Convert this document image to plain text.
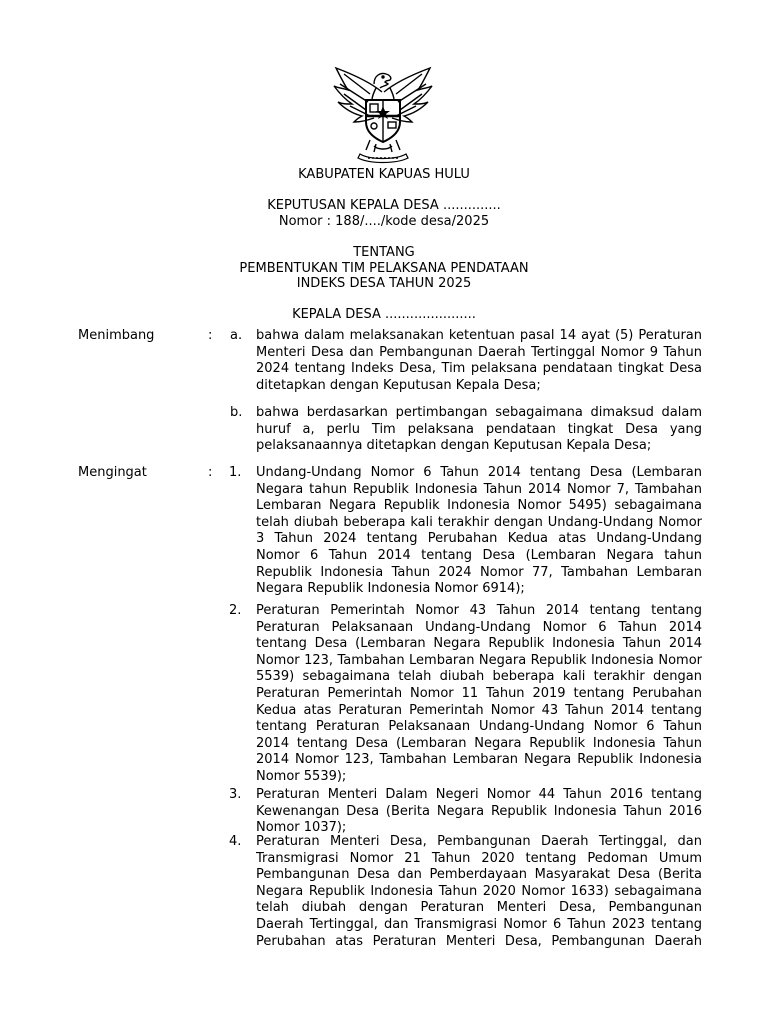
KABUPATEN KAPUAS HULU
KEPUTUSAN KEPALA DESA ..............
Nomor : 188/..../kode desa/2025
TENTANG
PEMBENTUKAN TIM PELAKSANA PENDATAAN
INDEKS DESA TAHUN 2025
KEPALA DESA ......................
Menimbang	: a. bahwa dalam melaksanakan ketentuan pasal 14 ayat (5) Peraturan Menteri Desa dan Pembangunan Daerah Tertinggal Nomor 9 Tahun 2024 tentang Indeks Desa, Tim pelaksana pendataan tingkat Desa ditetapkan dengan Keputusan Kepala Desa;
b. bahwa berdasarkan pertimbangan sebagaimana dimaksud dalam huruf a, perlu Tim pelaksana pendataan tingkat Desa yang pelaksanaannya ditetapkan dengan Keputusan Kepala Desa;
Mengingat	: 1. Undang-Undang Nomor 6 Tahun 2014 tentang Desa (Lembaran Negara tahun Republik Indonesia Tahun 2014 Nomor 7, Tambahan Lembaran Negara Republik Indonesia Nomor 5495) sebagaimana telah diubah beberapa kali terakhir dengan Undang-Undang Nomor 3 Tahun 2024 tentang Perubahan Kedua atas Undang-Undang Nomor 6 Tahun 2014 tentang Desa (Lembaran Negara tahun Republik Indonesia Tahun 2024 Nomor 77, Tambahan Lembaran Negara Republik Indonesia Nomor 6914);
2. Peraturan Pemerintah Nomor 43 Tahun 2014 tentang tentang Peraturan Pelaksanaan Undang-Undang Nomor 6 Tahun 2014 tentang Desa (Lembaran Negara Republik Indonesia Tahun 2014 Nomor 123, Tambahan Lembaran Negara Republik Indonesia Nomor 5539) sebagaimana telah diubah beberapa kali terakhir dengan Peraturan Pemerintah Nomor 11 Tahun 2019 tentang Perubahan Kedua atas Peraturan Pemerintah Nomor 43 Tahun 2014 tentang tentang Peraturan Pelaksanaan Undang-Undang Nomor 6 Tahun 2014 tentang Desa (Lembaran Negara Republik Indonesia Tahun 2014 Nomor 123, Tambahan Lembaran Negara Republik Indonesia Nomor 5539);
3. Peraturan Menteri Dalam Negeri Nomor 44 Tahun 2016 tentang Kewenangan Desa (Berita Negara Republik Indonesia Tahun 2016 Nomor 1037);
4. Peraturan Menteri Desa, Pembangunan Daerah Tertinggal, dan Transmigrasi Nomor 21 Tahun 2020 tentang Pedoman Umum Pembangunan Desa dan Pemberdayaan Masyarakat Desa (Berita Negara Republik Indonesia Tahun 2020 Nomor 1633) sebagaimana telah diubah dengan Peraturan Menteri Desa, Pembangunan Daerah Tertinggal, dan Transmigrasi Nomor 6 Tahun 2023 tentang Perubahan atas Peraturan Menteri Desa, Pembangunan Daerah
